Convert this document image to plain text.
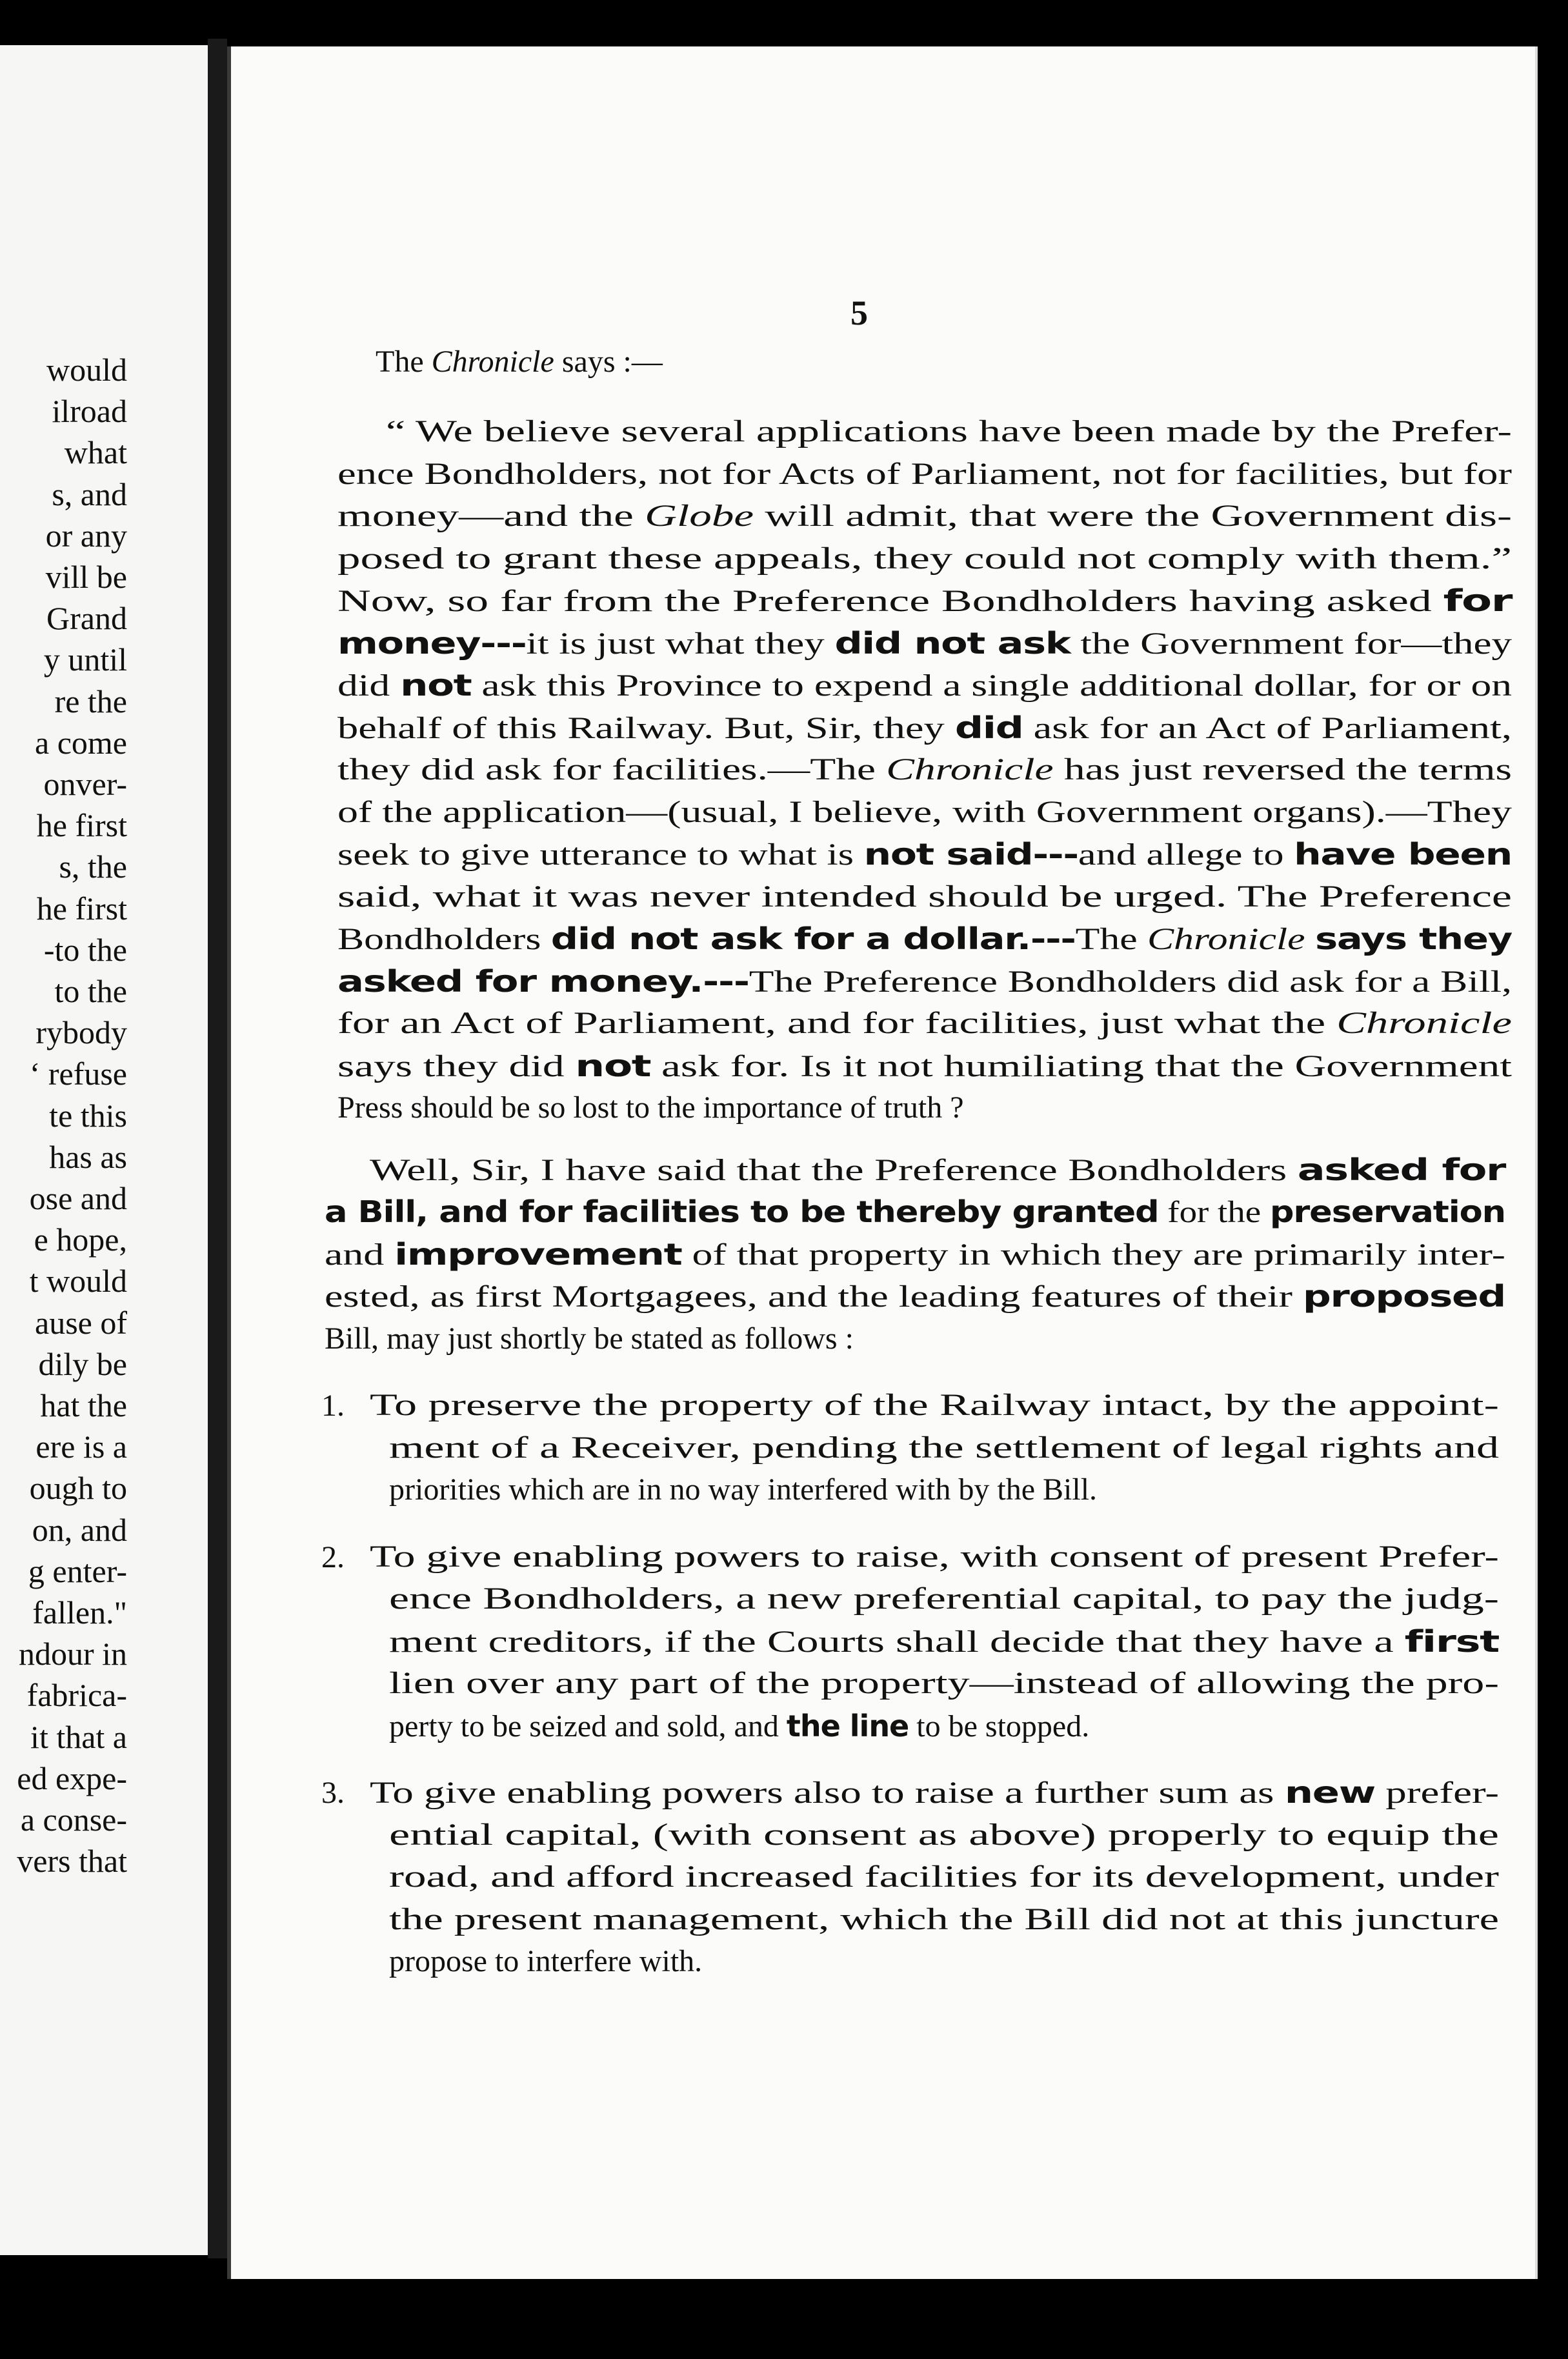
would
ilroad
what
s, and
or any
vill be
Grand
y until
re the
a come
onver-
he first
s, the
he first
-to the
to the
rybody
‘ refuse
te this
has as
ose and
e hope,
t would
ause of
dily be
hat the
ere is a
ough to
on, and
g enter-
fallen."
ndour in
fabrica-
it that a
ed expe-
a conse-
vers that
5
The Chronicle says :—
“ We believe several applications have been made by the Prefer-
ence Bondholders, not for Acts of Parliament, not for facilities, but for
money—and the Globe will admit, that were the Government dis-
posed to grant these appeals, they could not comply with them.”
Now, so far from the Preference Bondholders having asked for
money---it is just what they did not ask the Government for—they
did not ask this Province to expend a single additional dollar, for or on
behalf of this Railway. But, Sir, they did ask for an Act of Parliament,
they did ask for facilities.—The Chronicle has just reversed the terms
of the application—(usual, I believe, with Government organs).—They
seek to give utterance to what is not said---and allege to have been
said, what it was never intended should be urged. The Preference
Bondholders did not ask for a dollar.---The Chronicle says they
asked for money.---The Preference Bondholders did ask for a Bill,
for an Act of Parliament, and for facilities, just what the Chronicle
says they did not ask for. Is it not humiliating that the Government
Press should be so lost to the importance of truth ?
Well, Sir, I have said that the Preference Bondholders asked for
a Bill, and for facilities to be thereby granted for the preservation
and improvement of that property in which they are primarily inter-
ested, as first Mortgagees, and the leading features of their proposed
Bill, may just shortly be stated as follows :
1. To preserve the property of the Railway intact, by the appoint-
ment of a Receiver, pending the settlement of legal rights and
priorities which are in no way interfered with by the Bill.
2. To give enabling powers to raise, with consent of present Prefer-
ence Bondholders, a new preferential capital, to pay the judg-
ment creditors, if the Courts shall decide that they have a first
lien over any part of the property—instead of allowing the pro-
perty to be seized and sold, and the line to be stopped.
3. To give enabling powers also to raise a further sum as new prefer-
ential capital, (with consent as above) properly to equip the
road, and afford increased facilities for its development, under
the present management, which the Bill did not at this juncture
propose to interfere with.
